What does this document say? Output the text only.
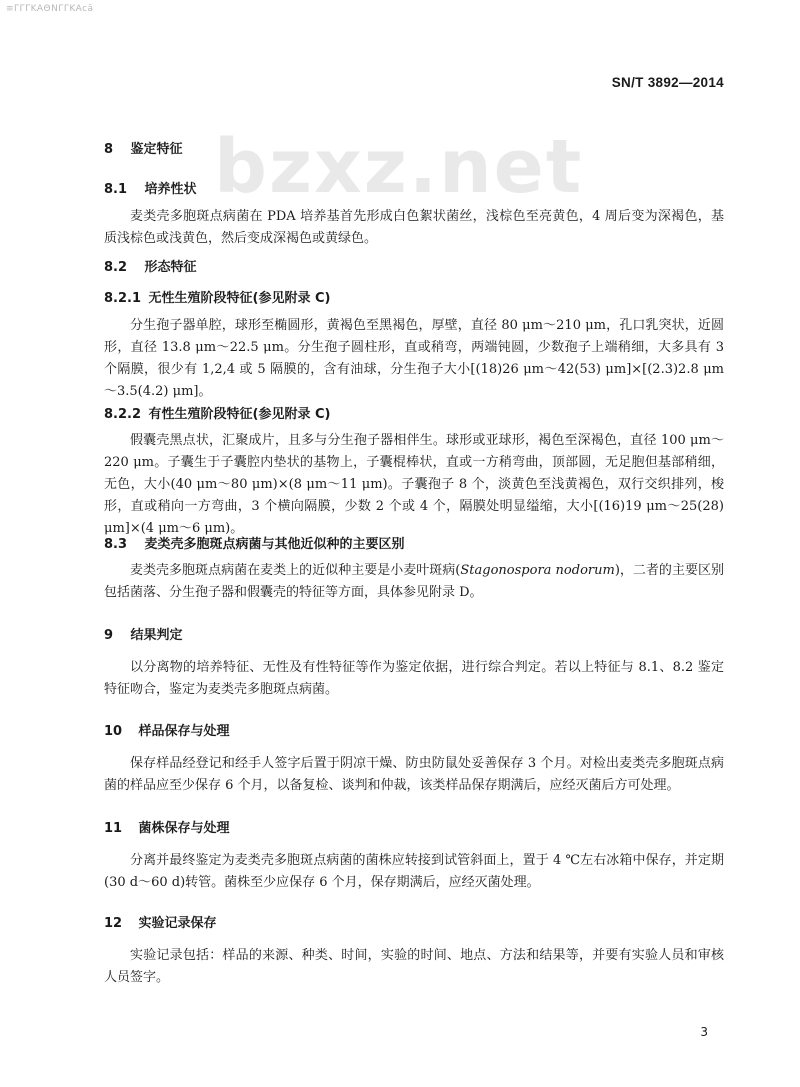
≡ΓΓΓKAΘNΓΓKAcā
SN/T 3892—2014
bzxz.net
8 鉴定特征
8.1 培养性状

麦类壳多胞斑点病菌在 PDA 培养基首先形成白色絮状菌丝，浅棕色至亮黄色，4 周后变为深褐色，基质浅棕色或浅黄色，然后变成深褐色或黄绿色。

8.2 形态特征
8.2.1 无性生殖阶段特征(参见附录 C)

分生孢子器单腔，球形至椭圆形，黄褐色至黑褐色，厚壁，直径 80 μm～210 μm，孔口乳突状，近圆形，直径 13.8 μm～22.5 μm。分生孢子圆柱形，直或稍弯，两端钝圆，少数孢子上端稍细，大多具有 3 个隔膜，很少有 1,2,4 或 5 隔膜的，含有油球，分生孢子大小[(18)26 μm～42(53) μm]×[(2.3)2.8 μm～3.5(4.2) μm]。

8.2.2 有性生殖阶段特征(参见附录 C)

假囊壳黑点状，汇聚成片，且多与分生孢子器相伴生。球形或亚球形，褐色至深褐色，直径 100 μm～220 μm。子囊生于子囊腔内垫状的基物上，子囊棍棒状，直或一方稍弯曲，顶部圆，无足胞但基部稍细，无色，大小(40 μm～80 μm)×(8 μm～11 μm)。子囊孢子 8 个，淡黄色至浅黄褐色，双行交织排列，梭形，直或稍向一方弯曲，3 个横向隔膜，少数 2 个或 4 个，隔膜处明显缢缩，大小[(16)19 μm～25(28) μm]×(4 μm～6 μm)。

8.3 麦类壳多胞斑点病菌与其他近似种的主要区别

麦类壳多胞斑点病菌在麦类上的近似种主要是小麦叶斑病(Stagonospora nodorum)，二者的主要区别包括菌落、分生孢子器和假囊壳的特征等方面，具体参见附录 D。

9 结果判定

以分离物的培养特征、无性及有性特征等作为鉴定依据，进行综合判定。若以上特征与 8.1、8.2 鉴定特征吻合，鉴定为麦类壳多胞斑点病菌。

10 样品保存与处理

保存样品经登记和经手人签字后置于阴凉干燥、防虫防鼠处妥善保存 3 个月。对检出麦类壳多胞斑点病菌的样品应至少保存 6 个月，以备复检、谈判和仲裁，该类样品保存期满后，应经灭菌后方可处理。

11 菌株保存与处理

分离并最终鉴定为麦类壳多胞斑点病菌的菌株应转接到试管斜面上，置于 4 ℃左右冰箱中保存，并定期(30 d～60 d)转管。菌株至少应保存 6 个月，保存期满后，应经灭菌处理。

12 实验记录保存

实验记录包括：样品的来源、种类、时间，实验的时间、地点、方法和结果等，并要有实验人员和审核人员签字。

3
